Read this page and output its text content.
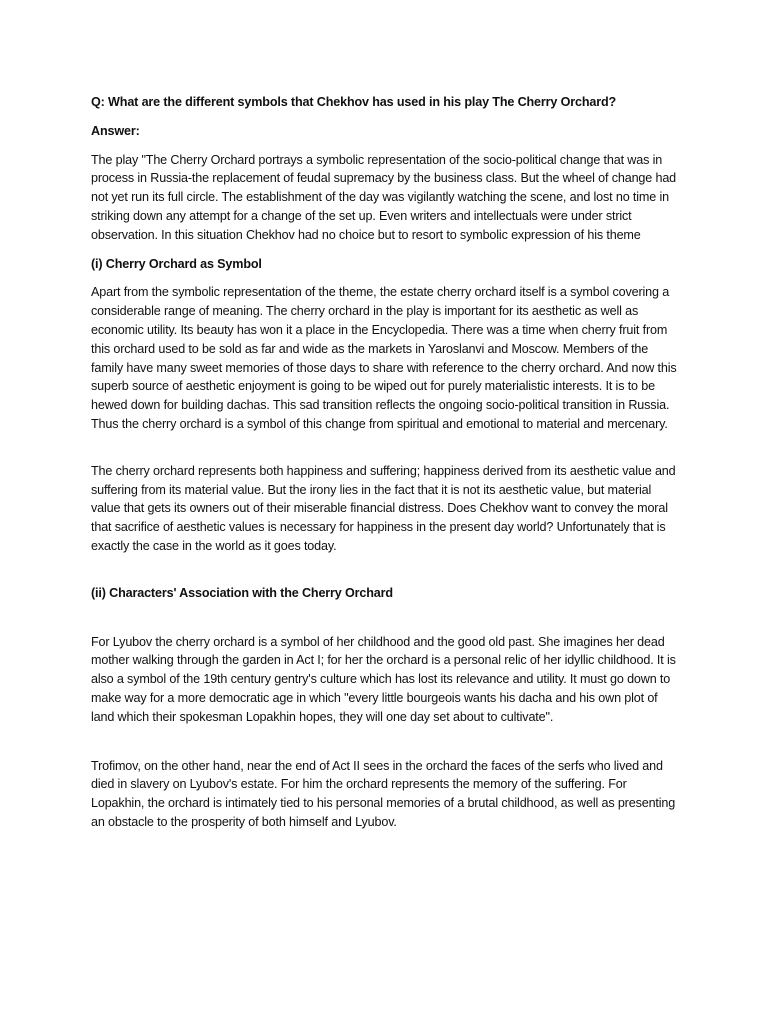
Q: What are the different symbols that Chekhov has used in his play The Cherry Orchard?

Answer:

The play "The Cherry Orchard portrays a symbolic representation of the socio-political change that was in process in Russia-the replacement of feudal supremacy by the business class. But the wheel of change had not yet run its full circle. The establishment of the day was vigilantly watching the scene, and lost no time in striking down any attempt for a change of the set up. Even writers and intellectuals were under strict observation. In this situation Chekhov had no choice but to resort to symbolic expression of his theme

(i) Cherry Orchard as Symbol

Apart from the symbolic representation of the theme, the estate cherry orchard itself is a symbol covering a considerable range of meaning. The cherry orchard in the play is important for its aesthetic as well as economic utility. Its beauty has won it a place in the Encyclopedia. There was a time when cherry fruit from this orchard used to be sold as far and wide as the markets in Yaroslanvi and Moscow. Members of the family have many sweet memories of those days to share with reference to the cherry orchard. And now this superb source of aesthetic enjoyment is going to be wiped out for purely materialistic interests. It is to be hewed down for building dachas. This sad transition reflects the ongoing socio-political transition in Russia. Thus the cherry orchard is a symbol of this change from spiritual and emotional to material and mercenary.

The cherry orchard represents both happiness and suffering; happiness derived from its aesthetic value and suffering from its material value. But the irony lies in the fact that it is not its aesthetic value, but material value that gets its owners out of their miserable financial distress. Does Chekhov want to convey the moral that sacrifice of aesthetic values is necessary for happiness in the present day world? Unfortunately that is exactly the case in the world as it goes today.

(ii) Characters' Association with the Cherry Orchard

For Lyubov the cherry orchard is a symbol of her childhood and the good old past. She imagines her dead mother walking through the garden in Act I; for her the orchard is a personal relic of her idyllic childhood. It is also a symbol of the 19th century gentry's culture which has lost its relevance and utility. It must go down to make way for a more democratic age in which "every little bourgeois wants his dacha and his own plot of land which their spokesman Lopakhin hopes, they will one day set about to cultivate".

Trofimov, on the other hand, near the end of Act II sees in the orchard the faces of the serfs who lived and died in slavery on Lyubov's estate. For him the orchard represents the memory of the suffering. For Lopakhin, the orchard is intimately tied to his personal memories of a brutal childhood, as well as presenting an obstacle to the prosperity of both himself and Lyubov.
